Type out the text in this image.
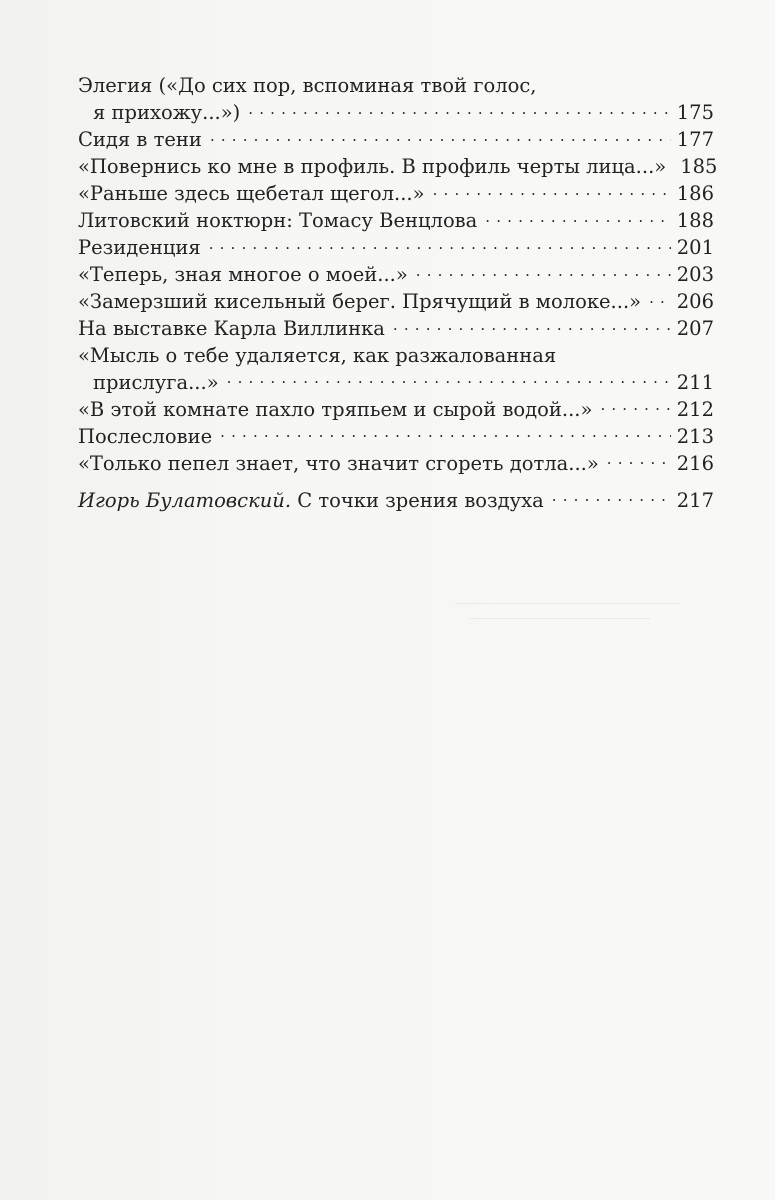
Элегия («До сих пор, вспоминая твой голос,
я прихожу...») . . .	175
Сидя в тени . . .	177
«Повернись ко мне в профиль. В профиль черты лица...» 185
«Раньше здесь щебетал щегол...» . . .	186
Литовский ноктюрн: Томасу Венцлова . . .	188
Резиденция . . .	201
«Теперь, зная многое о моей...» . . .	203
«Замерзший кисельный берег. Прячущий в молоке...» . . . 206
На выставке Карла Виллинка . . .	207
«Мысль о тебе удаляется, как разжалованная
прислуга...» . . .	211
«В этой комнате пахло тряпьем и сырой водой...» . . .	212
Послесловие . . .	213
«Только пепел знает, что значит сгореть дотла...» . . .	216
Игорь Булатовский. С точки зрения воздуха . . .	217
